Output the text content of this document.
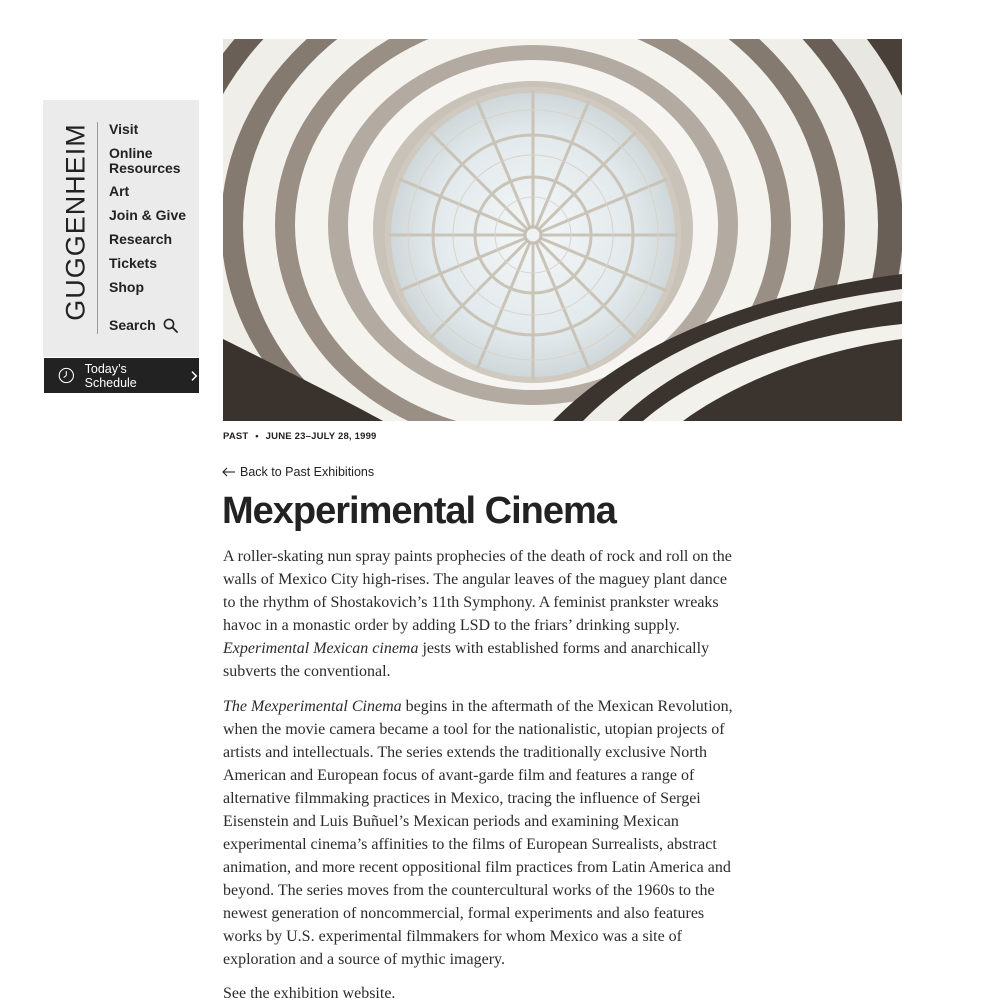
GUGGENHEIM Visit
Online Resources
Art
Join & Give
Research
Tickets
Shop
Search
Today’s Schedule
PAST • JUNE 23–JULY 28, 1999
Back to Past Exhibitions
Mexperimental Cinema

A roller-skating nun spray paints prophecies of the death of rock and roll on the walls of Mexico City high-rises. The angular leaves of the maguey plant dance to the rhythm of Shostakovich’s 11th Symphony. A feminist prankster wreaks havoc in a monastic order by adding LSD to the friars’ drinking supply. Experimental Mexican cinema jests with established forms and anarchically subverts the conventional.

The Mexperimental Cinema begins in the aftermath of the Mexican Revolution, when the movie camera became a tool for the nationalistic, utopian projects of artists and intellectuals. The series extends the traditionally exclusive North American and European focus of avant-garde film and features a range of alternative filmmaking practices in Mexico, tracing the influence of Sergei Eisenstein and Luis Buñuel’s Mexican periods and examining Mexican experimental cinema’s affinities to the films of European Surrealists, abstract animation, and more recent oppositional film practices from Latin America and beyond. The series moves from the countercultural works of the 1960s to the newest generation of noncommercial, formal experiments and also features works by U.S. experimental filmmakers for whom Mexico was a site of exploration and a source of mythic imagery.

See the exhibition website.
